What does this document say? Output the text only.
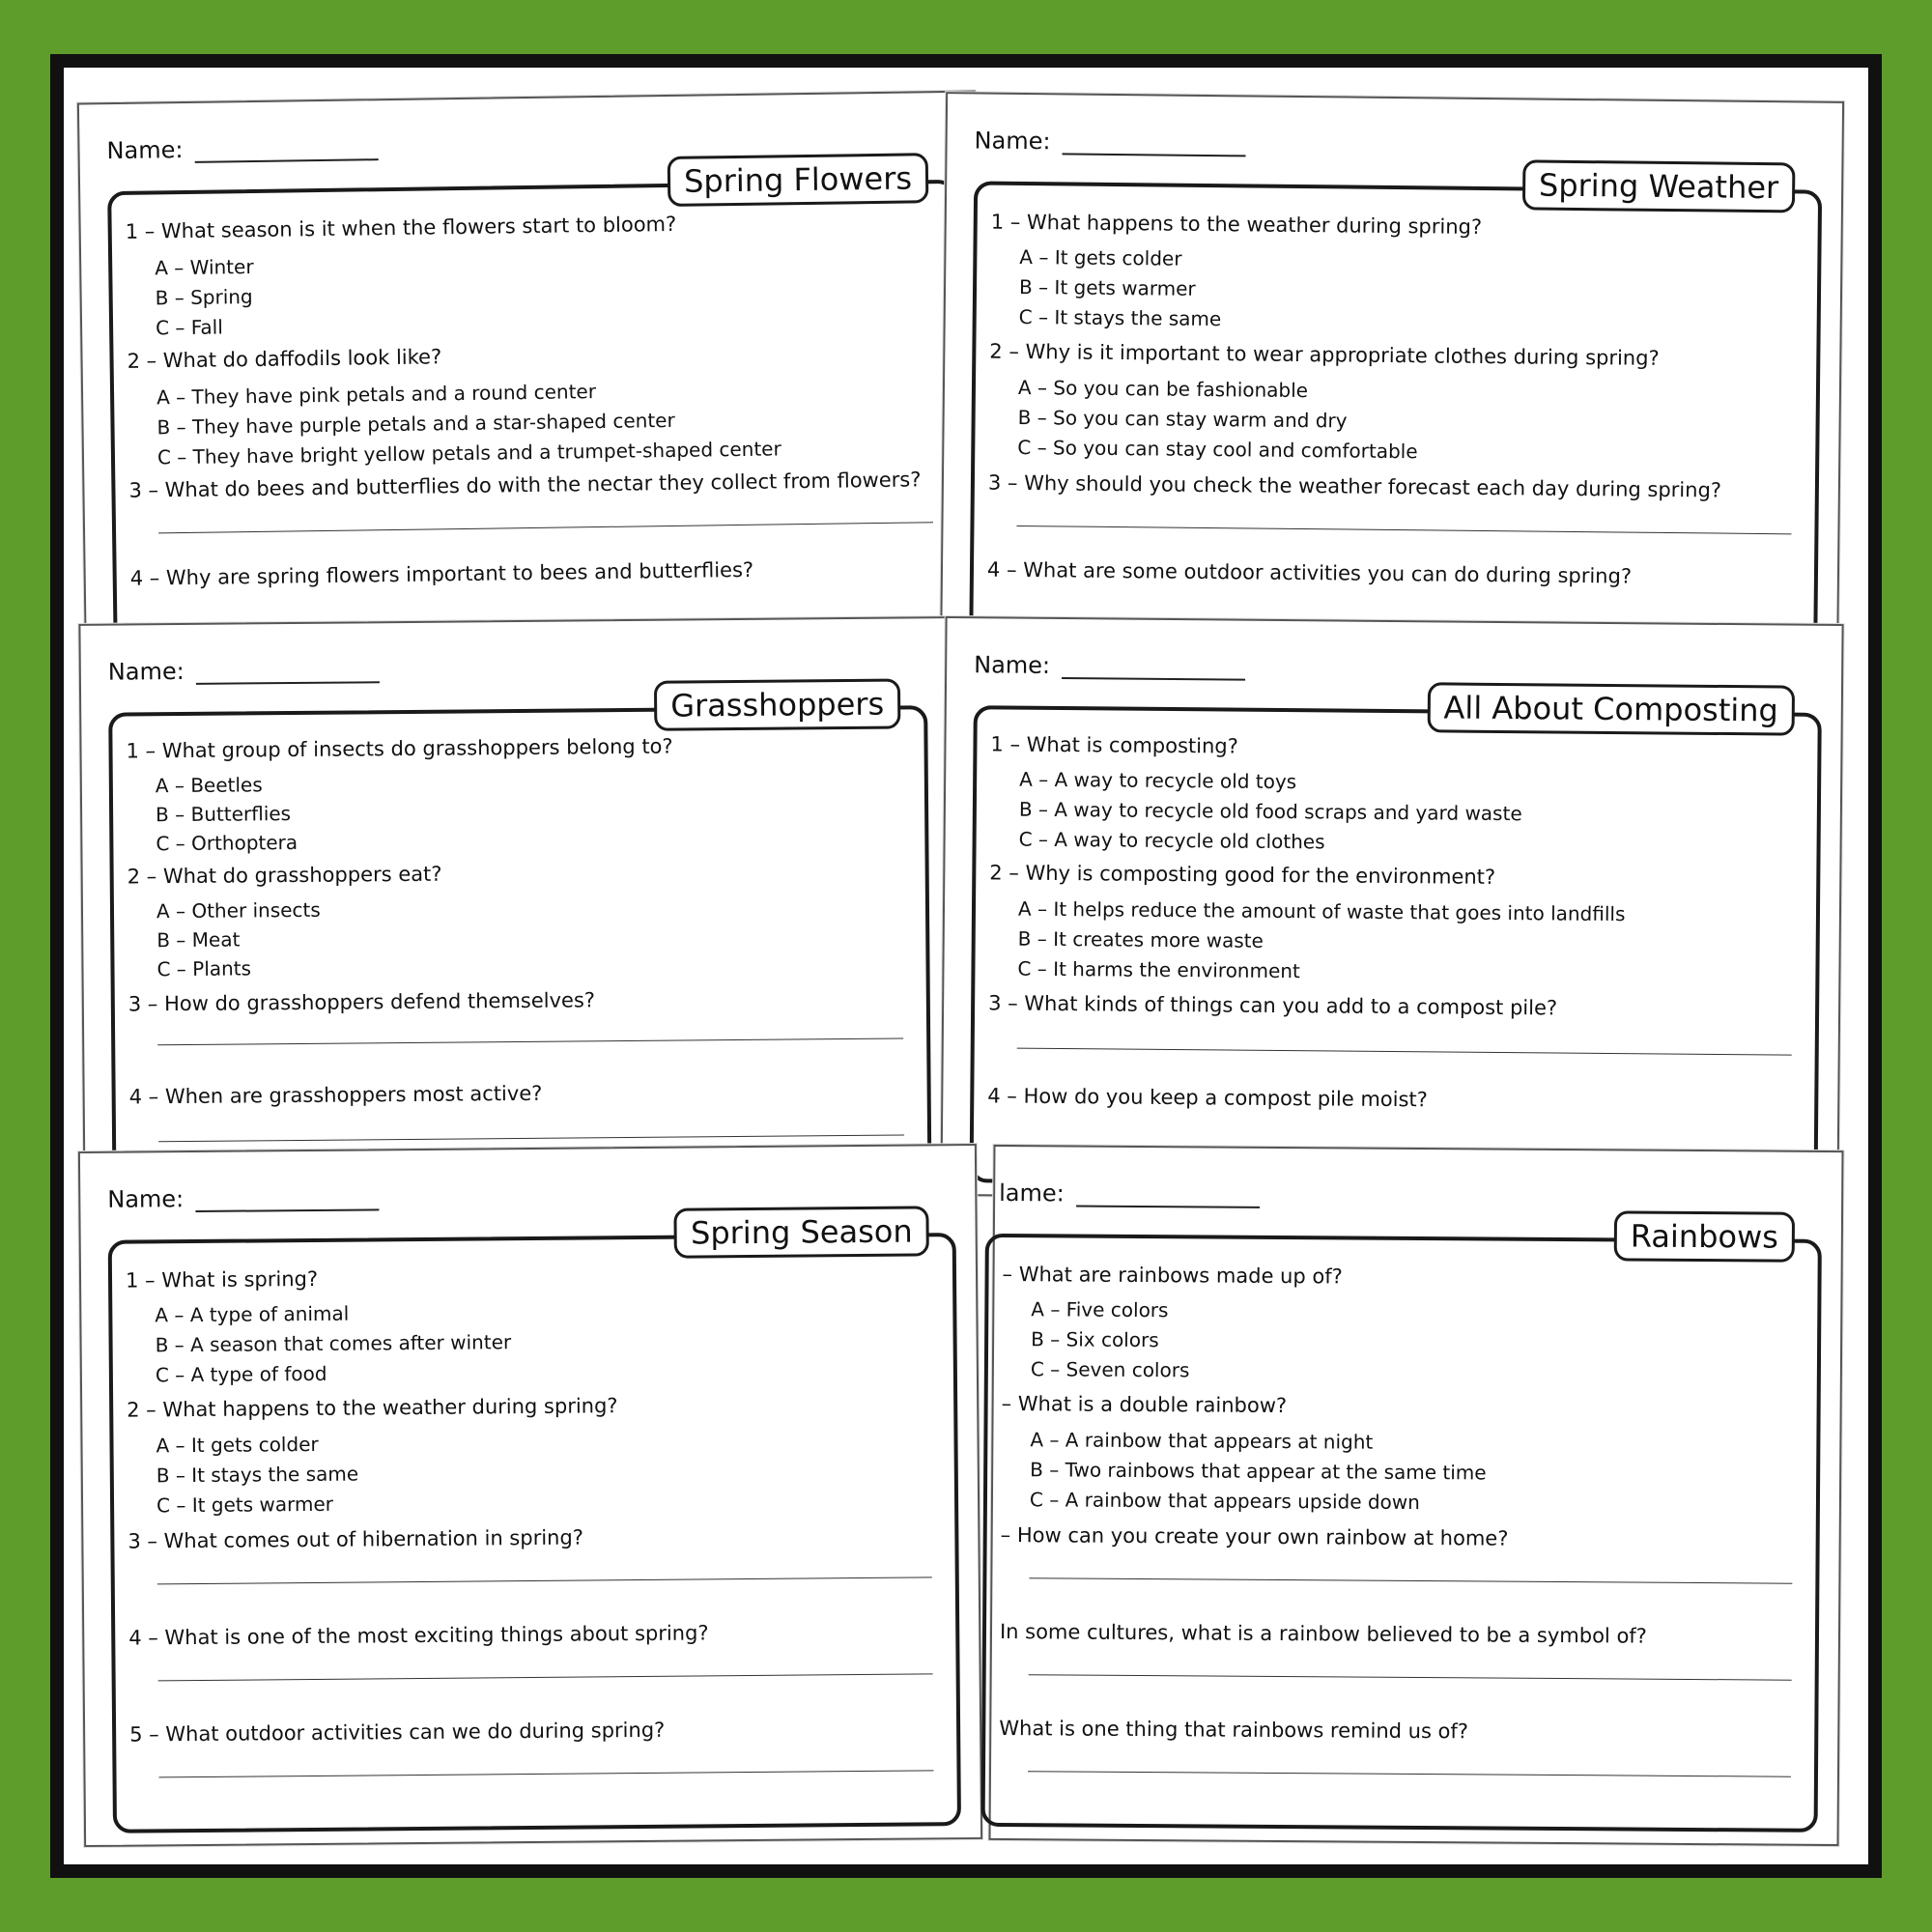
Name:
Spring Flowers
1 – What season is it when the flowers start to bloom?
A – Winter
B – Spring
C – Fall
2 – What do daffodils look like?
A – They have pink petals and a round center
B – They have purple petals and a star-shaped center
C – They have bright yellow petals and a trumpet-shaped center
3 – What do bees and butterflies do with the nectar they collect from flowers?
4 – Why are spring flowers important to bees and butterflies?
Name:
Spring Weather
1 – What happens to the weather during spring?
A – It gets colder
B – It gets warmer
C – It stays the same
2 – Why is it important to wear appropriate clothes during spring?
A – So you can be fashionable
B – So you can stay warm and dry
C – So you can stay cool and comfortable
3 – Why should you check the weather forecast each day during spring?
4 – What are some outdoor activities you can do during spring?
Name:
Grasshoppers
1 – What group of insects do grasshoppers belong to?
A – Beetles
B – Butterflies
C – Orthoptera
2 – What do grasshoppers eat?
A – Other insects
B – Meat
C – Plants
3 – How do grasshoppers defend themselves?
4 – When are grasshoppers most active?
Name:
All About Composting
1 – What is composting?
A – A way to recycle old toys
B – A way to recycle old food scraps and yard waste
C – A way to recycle old clothes
2 – Why is composting good for the environment?
A – It helps reduce the amount of waste that goes into landfills
B – It creates more waste
C – It harms the environment
3 – What kinds of things can you add to a compost pile?
4 – How do you keep a compost pile moist?
Name:
Spring Season
1 – What is spring?
A – A type of animal
B – A season that comes after winter
C – A type of food
2 – What happens to the weather during spring?
A – It gets colder
B – It stays the same
C – It gets warmer
3 – What comes out of hibernation in spring?
4 – What is one of the most exciting things about spring?
5 – What outdoor activities can we do during spring?
lame:
Rainbows
– What are rainbows made up of?
A – Five colors
B – Six colors
C – Seven colors
– What is a double rainbow?
A – A rainbow that appears at night
B – Two rainbows that appear at the same time
C – A rainbow that appears upside down
– How can you create your own rainbow at home?
In some cultures, what is a rainbow believed to be a symbol of?
What is one thing that rainbows remind us of?
